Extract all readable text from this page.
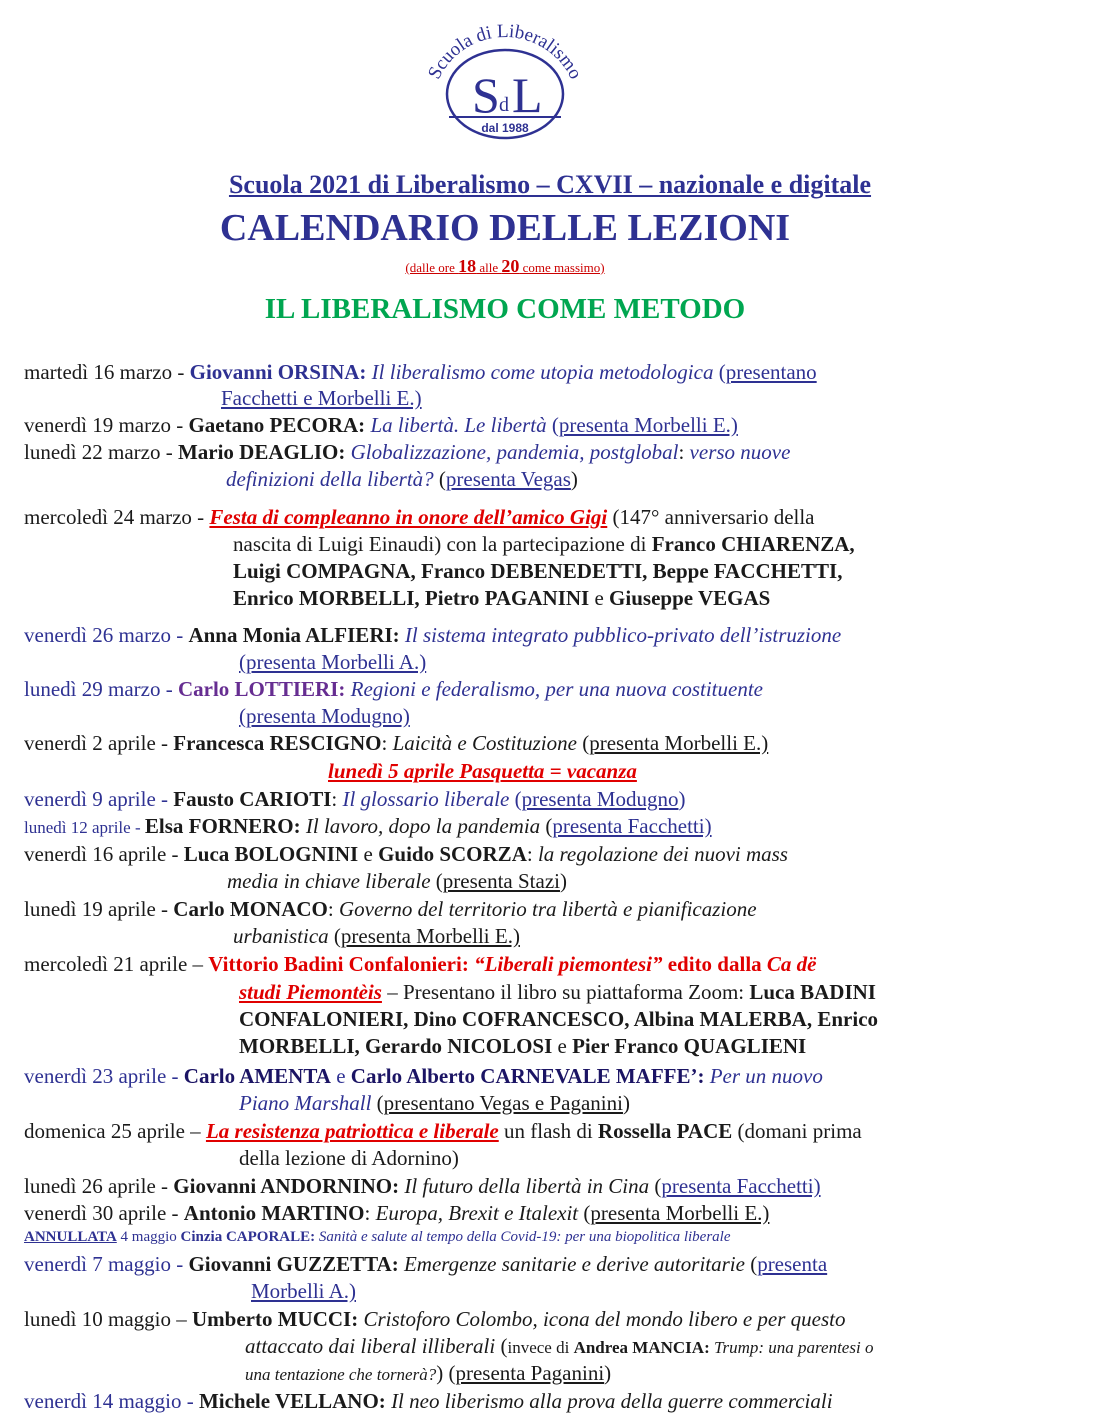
Scuola di Liberalismo
S d L
dal 1988
Scuola 2021 di Liberalismo – CXVII – nazionale e digitale
CALENDARIO DELLE LEZIONI
(dalle ore 18 alle 20 come massimo)
IL LIBERALISMO COME METODO
martedì 16 marzo - Giovanni ORSINA: Il liberalismo come utopia metodologica (presentano
Facchetti e Morbelli E.)
venerdì 19 marzo - Gaetano PECORA: La libertà. Le libertà (presenta Morbelli E.)
lunedì 22 marzo - Mario DEAGLIO: Globalizzazione, pandemia, postglobal: verso nuove
definizioni della libertà? (presenta Vegas)
mercoledì 24 marzo - Festa di compleanno in onore dell’amico Gigi (147° anniversario della
nascita di Luigi Einaudi) con la partecipazione di Franco CHIARENZA,
Luigi COMPAGNA, Franco DEBENEDETTI, Beppe FACCHETTI,
Enrico MORBELLI, Pietro PAGANINI e Giuseppe VEGAS
venerdì 26 marzo - Anna Monia ALFIERI: Il sistema integrato pubblico-privato dell’istruzione
(presenta Morbelli A.)
lunedì 29 marzo - Carlo LOTTIERI: Regioni e federalismo, per una nuova costituente
(presenta Modugno)
venerdì 2 aprile - Francesca RESCIGNO: Laicità e Costituzione (presenta Morbelli E.)
lunedì 5 aprile Pasquetta = vacanza
venerdì 9 aprile - Fausto CARIOTI: Il glossario liberale (presenta Modugno)
lunedì 12 aprile - Elsa FORNERO: Il lavoro, dopo la pandemia (presenta Facchetti)
venerdì 16 aprile - Luca BOLOGNINI e Guido SCORZA: la regolazione dei nuovi mass
media in chiave liberale (presenta Stazi)
lunedì 19 aprile - Carlo MONACO: Governo del territorio tra libertà e pianificazione
urbanistica (presenta Morbelli E.)
mercoledì 21 aprile – Vittorio Badini Confalonieri: “Liberali piemontesi” edito dalla Ca dë
studi Piemontèis – Presentano il libro su piattaforma Zoom: Luca BADINI
CONFALONIERI, Dino COFRANCESCO, Albina MALERBA, Enrico
MORBELLI, Gerardo NICOLOSI e Pier Franco QUAGLIENI
venerdì 23 aprile - Carlo AMENTA e Carlo Alberto CARNEVALE MAFFE’: Per un nuovo
Piano Marshall (presentano Vegas e Paganini)
domenica 25 aprile – La resistenza patriottica e liberale un flash di Rossella PACE (domani prima
della lezione di Adornino)
lunedì 26 aprile - Giovanni ANDORNINO: Il futuro della libertà in Cina (presenta Facchetti)
venerdì 30 aprile - Antonio MARTINO: Europa, Brexit e Italexit (presenta Morbelli E.)
ANNULLATA 4 maggio Cinzia CAPORALE: Sanità e salute al tempo della Covid-19: per una biopolitica liberale
venerdì 7 maggio - Giovanni GUZZETTA: Emergenze sanitarie e derive autoritarie (presenta
Morbelli A.)
lunedì 10 maggio – Umberto MUCCI: Cristoforo Colombo, icona del mondo libero e per questo
attaccato dai liberal illiberali (invece di Andrea MANCIA: Trump: una parentesi o
una tentazione che tornerà?) (presenta Paganini)
venerdì 14 maggio - Michele VELLANO: Il neo liberismo alla prova della guerre commerciali
